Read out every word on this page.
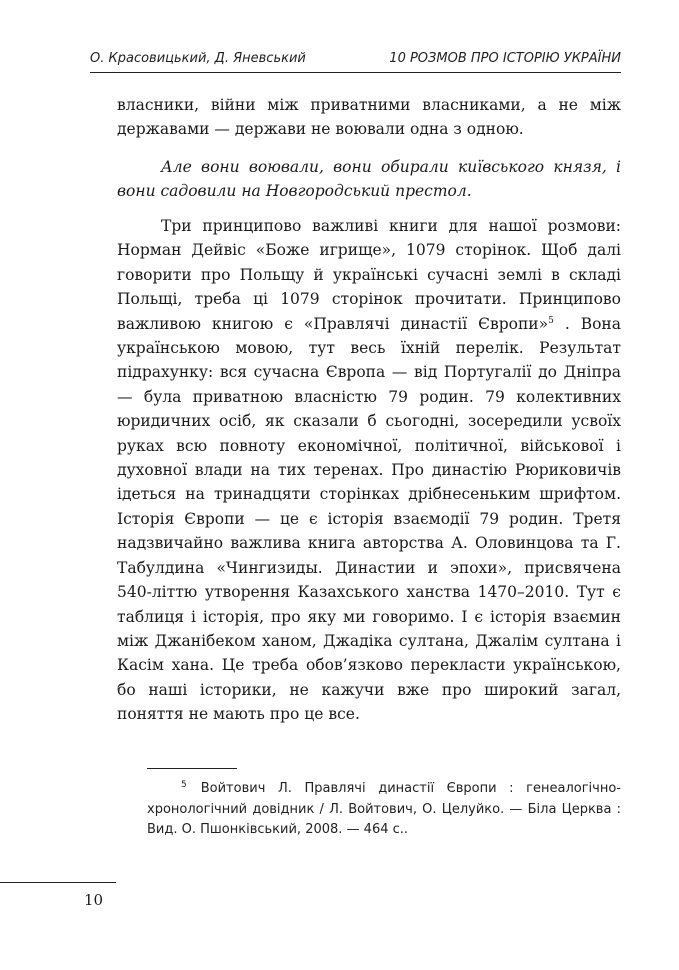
О. Красовицький, Д. Яневський	10 РОЗМОВ ПРО ІСТОРІЮ УКРАЇНИ

власники, війни між приватними власниками, а не між державами — держави не воювали одна з одною.

Але вони воювали, вони обирали київського князя, і вони садовили на Новгородський престол.

Три принципово важливі книги для нашої розмови: Норман Дейвіс «Боже игрище», 1079 сторінок. Щоб далі говорити про Польщу й українські сучасні землі в складі Польщі, треба ці 1079 сторінок прочитати. Принципово важливою книгою є «Правлячі династії Європи»$^5$ . Вона українською мовою, тут весь їхній перелік. Результат підрахунку: вся сучасна Європа — від Португалії до Дніпра — була приватною власністю 79 родин. 79 колективних юридичних осіб, як сказали б сьогодні, зосередили усвоїх руках всю повноту економічної, політичної, військової і духовної влади на тих теренах. Про династію Рюриковичів ідеться на тринадцяти сторінках дрібнесеньким шрифтом. Історія Європи — це є історія взаємодії 79 родин. Третя надзвичайно важлива книга авторства А. Оловинцова та Г. Табулдина «Чингизиды. Династии и эпохи», присвячена 540-літтю утворення Казахського ханства 1470–2010. Тут є таблиця і історія, про яку ми говоримо. І є історія взаємин між Джанібеком ханом, Джадіка султана, Джалім султана і Касім хана. Це треба обов’язково перекласти українською, бо наші історики, не кажучи вже про широкий загал, поняття не мають про це все.

$^5$ Войтович Л. Правлячі династії Європи : генеалогічно-хронологічний довідник / Л. Войтович, О. Целуйко. — Біла Церква : Вид. О. Пшонківський, 2008. — 464 с..

10
